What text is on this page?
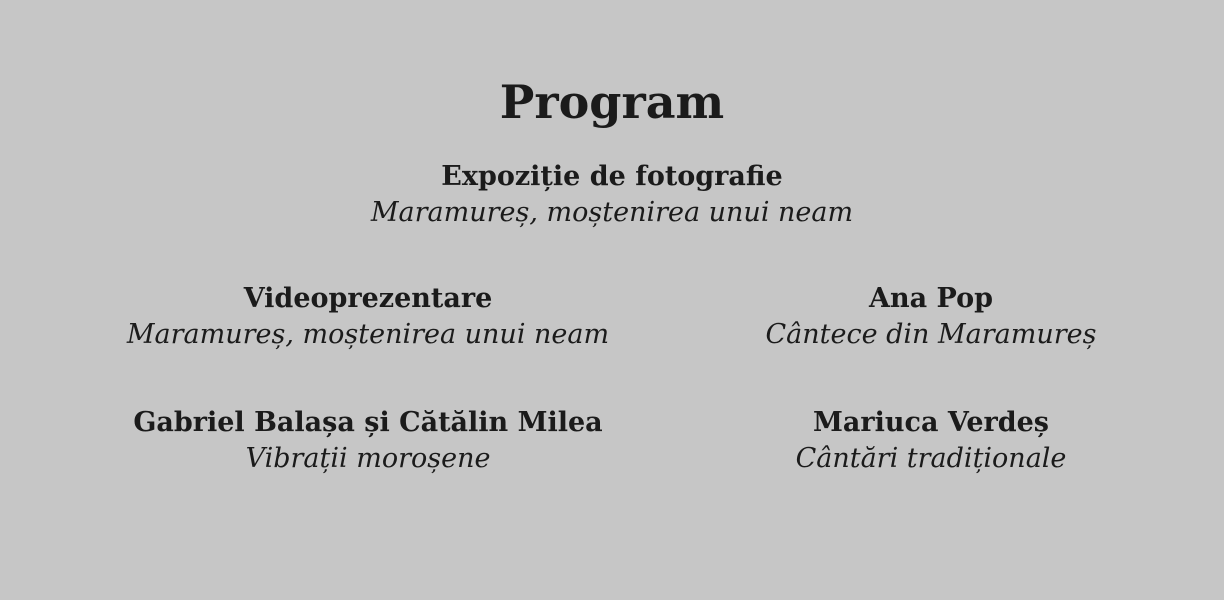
Program
Expoziție de fotografie
Maramureș, moștenirea unui neam
Videoprezentare
Maramureș, moștenirea unui neam
Ana Pop
Cântece din Maramureș
Gabriel Balașa și Cătălin Milea
Vibrații moroșene
Mariuca Verdeș
Cântări tradiționale
